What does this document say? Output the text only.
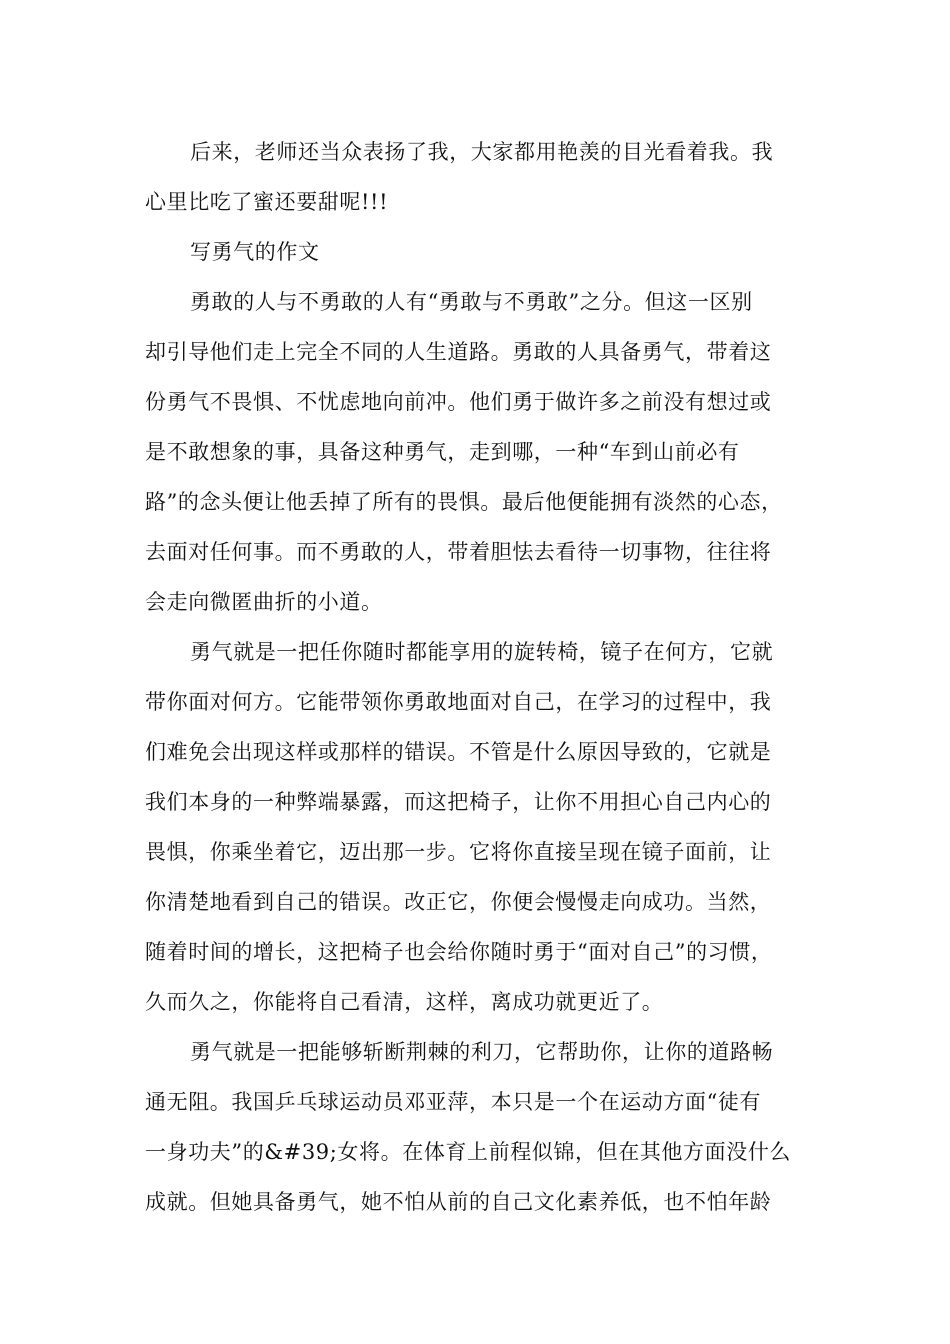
后来，老师还当众表扬了我，大家都用艳羡的目光看着我。我
心里比吃了蜜还要甜呢!!!
写勇气的作文
勇敢的人与不勇敢的人有“勇敢与不勇敢”之分。但这一区别
却引导他们走上完全不同的人生道路。勇敢的人具备勇气，带着这
份勇气不畏惧、不忧虑地向前冲。他们勇于做许多之前没有想过或
是不敢想象的事，具备这种勇气，走到哪，一种“车到山前必有
路”的念头便让他丢掉了所有的畏惧。最后他便能拥有淡然的心态，
去面对任何事。而不勇敢的人，带着胆怯去看待一切事物，往往将
会走向微匿曲折的小道。
勇气就是一把任你随时都能享用的旋转椅，镜子在何方，它就
带你面对何方。它能带领你勇敢地面对自己，在学习的过程中，我
们难免会出现这样或那样的错误。不管是什么原因导致的，它就是
我们本身的一种弊端暴露，而这把椅子，让你不用担心自己内心的
畏惧，你乘坐着它，迈出那一步。它将你直接呈现在镜子面前，让
你清楚地看到自己的错误。改正它，你便会慢慢走向成功。当然，
随着时间的增长，这把椅子也会给你随时勇于“面对自己”的习惯，
久而久之，你能将自己看清，这样，离成功就更近了。
勇气就是一把能够斩断荆棘的利刀，它帮助你，让你的道路畅
通无阻。我国乒乓球运动员邓亚萍，本只是一个在运动方面“徒有
一身功夫”的&#39;女将。在体育上前程似锦，但在其他方面没什么
成就。但她具备勇气，她不怕从前的自己文化素养低，也不怕年龄
